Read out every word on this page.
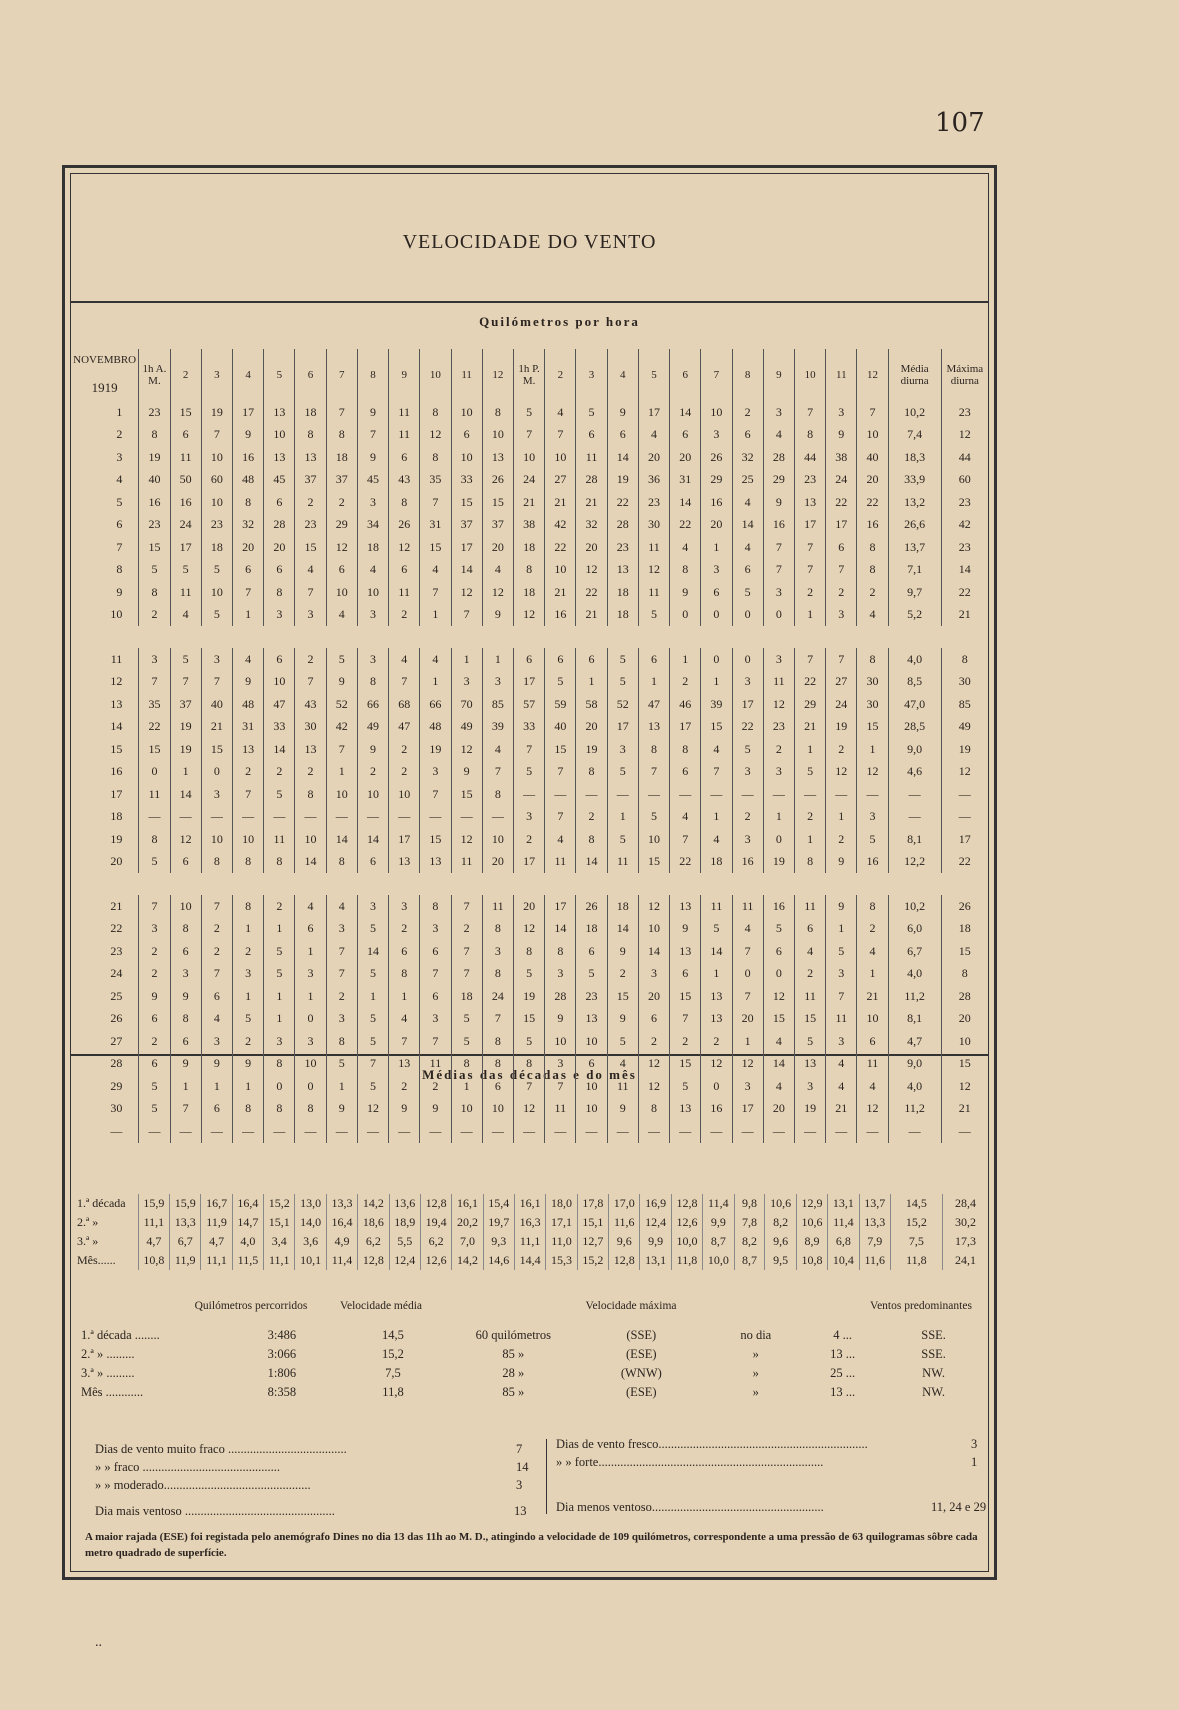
107
VELOCIDADE DO VENTO
Quilómetros por hora
Médias das décadas e do mês
NOVEMBRO
1919	1h A. M.	2	3	4	5	6	7	8	9	10	11	12	1h P. M.	2	3	4	5	6	7	8	9	10	11	12	Média diurna	Máxima diurna
1	23	15	19	17	13	18	7	9	11	8	10	8	5	4	5	9	17	14	10	2	3	7	3	7	10,2	23
2	8	6	7	9	10	8	8	7	11	12	6	10	7	7	6	6	4	6	3	6	4	8	9	10	7,4	12
3	19	11	10	16	13	13	18	9	6	8	10	13	10	10	11	14	20	20	26	32	28	44	38	40	18,3	44
4	40	50	60	48	45	37	37	45	43	35	33	26	24	27	28	19	36	31	29	25	29	23	24	20	33,9	60
5	16	16	10	8	6	2	2	3	8	7	15	15	21	21	21	22	23	14	16	4	9	13	22	22	13,2	23
6	23	24	23	32	28	23	29	34	26	31	37	37	38	42	32	28	30	22	20	14	16	17	17	16	26,6	42
7	15	17	18	20	20	15	12	18	12	15	17	20	18	22	20	23	11	4	1	4	7	7	6	8	13,7	23
8	5	5	5	6	6	4	6	4	6	4	14	4	8	10	12	13	12	8	3	6	7	7	7	8	7,1	14
9	8	11	10	7	8	7	10	10	11	7	12	12	18	21	22	18	11	9	6	5	3	2	2	2	9,7	22
10	2	4	5	1	3	3	4	3	2	1	7	9	12	16	21	18	5	0	0	0	0	1	3	4	5,2	21

11	3	5	3	4	6	2	5	3	4	4	1	1	6	6	6	5	6	1	0	0	3	7	7	8	4,0	8
12	7	7	7	9	10	7	9	8	7	1	3	3	17	5	1	5	1	2	1	3	11	22	27	30	8,5	30
13	35	37	40	48	47	43	52	66	68	66	70	85	57	59	58	52	47	46	39	17	12	29	24	30	47,0	85
14	22	19	21	31	33	30	42	49	47	48	49	39	33	40	20	17	13	17	15	22	23	21	19	15	28,5	49
15	15	19	15	13	14	13	7	9	2	19	12	4	7	15	19	3	8	8	4	5	2	1	2	1	9,0	19
16	0	1	0	2	2	2	1	2	2	3	9	7	5	7	8	5	7	6	7	3	3	5	12	12	4,6	12
17	11	14	3	7	5	8	10	10	10	7	15	8	—	—	—	—	—	—	—	—	—	—	—	—	—	—
18	—	—	—	—	—	—	—	—	—	—	—	—	3	7	2	1	5	4	1	2	1	2	1	3	—	—
19	8	12	10	10	11	10	14	14	17	15	12	10	2	4	8	5	10	7	4	3	0	1	2	5	8,1	17
20	5	6	8	8	8	14	8	6	13	13	11	20	17	11	14	11	15	22	18	16	19	8	9	16	12,2	22

21	7	10	7	8	2	4	4	3	3	8	7	11	20	17	26	18	12	13	11	11	16	11	9	8	10,2	26
22	3	8	2	1	1	6	3	5	2	3	2	8	12	14	18	14	10	9	5	4	5	6	1	2	6,0	18
23	2	6	2	2	5	1	7	14	6	6	7	3	8	8	6	9	14	13	14	7	6	4	5	4	6,7	15
24	2	3	7	3	5	3	7	5	8	7	7	8	5	3	5	2	3	6	1	0	0	2	3	1	4,0	8
25	9	9	6	1	1	1	2	1	1	6	18	24	19	28	23	15	20	15	13	7	12	11	7	21	11,2	28
26	6	8	4	5	1	0	3	5	4	3	5	7	15	9	13	9	6	7	13	20	15	15	11	10	8,1	20
27	2	6	3	2	3	3	8	5	7	7	5	8	5	10	10	5	2	2	2	1	4	5	3	6	4,7	10
28	6	9	9	9	8	10	5	7	13	11	8	8	8	3	6	4	12	15	12	12	14	13	4	11	9,0	15
29	5	1	1	1	0	0	1	5	2	2	1	6	7	7	10	11	12	5	0	3	4	3	4	4	4,0	12
30	5	7	6	8	8	8	9	12	9	9	10	10	12	11	10	9	8	13	16	17	20	19	21	12	11,2	21
—	—	—	—	—	—	—	—	—	—	—	—	—	—	—	—	—	—	—	—	—	—	—	—	—	—	—
1.ª década	15,9	15,9	16,7	16,4	15,2	13,0	13,3	14,2	13,6	12,8	16,1	15,4	16,1	18,0	17,8	17,0	16,9	12,8	11,4	9,8	10,6	12,9	13,1	13,7	14,5	28,4
2.ª »	11,1	13,3	11,9	14,7	15,1	14,0	16,4	18,6	18,9	19,4	20,2	19,7	16,3	17,1	15,1	11,6	12,4	12,6	9,9	7,8	8,2	10,6	11,4	13,3	15,2	30,2
3.ª »	4,7	6,7	4,7	4,0	3,4	3,6	4,9	6,2	5,5	6,2	7,0	9,3	11,1	11,0	12,7	9,6	9,9	10,0	8,7	8,2	9,6	8,9	6,8	7,9	7,5	17,3
Mês......	10,8	11,9	11,1	11,5	11,1	10,1	11,4	12,8	12,4	12,6	14,2	14,6	14,4	15,3	15,2	12,8	13,1	11,8	10,0	8,7	9,5	10,8	10,4	11,6	11,8	24,1
Quilómetros percorridos	Velocidade média	Velocidade máxima	Ventos predominantes
1.ª década ........	3:486	14,5	60 quilómetros	(SSE)	no dia	4 ...	SSE.
2.ª » .........	3:066	15,2	85 »	(ESE)	»	13 ...	SSE.
3.ª » .........	1:806	7,5	28 »	(WNW)	»	25 ...	NW.
Mês ............	8:358	11,8	85 »	(ESE)	»	13 ...	NW.
Dias de vento muito fraco ......................................	7
» » fraco ............................................	14
» » moderado...............................................	3
Dia mais ventoso ................................................	13
Dias de vento fresco...................................................................	3
» » forte........................................................................	1
Dia menos ventoso.......................................................	11, 24 e 29
A maior rajada (ESE) foi registada pelo anemógrafo Dines no dia 13 das 11h ao M. D., atingindo a velocidade de 109 quilómetros, correspondente a uma pressão de 63 quilogramas sôbre cada metro quadrado de superfície.
..
